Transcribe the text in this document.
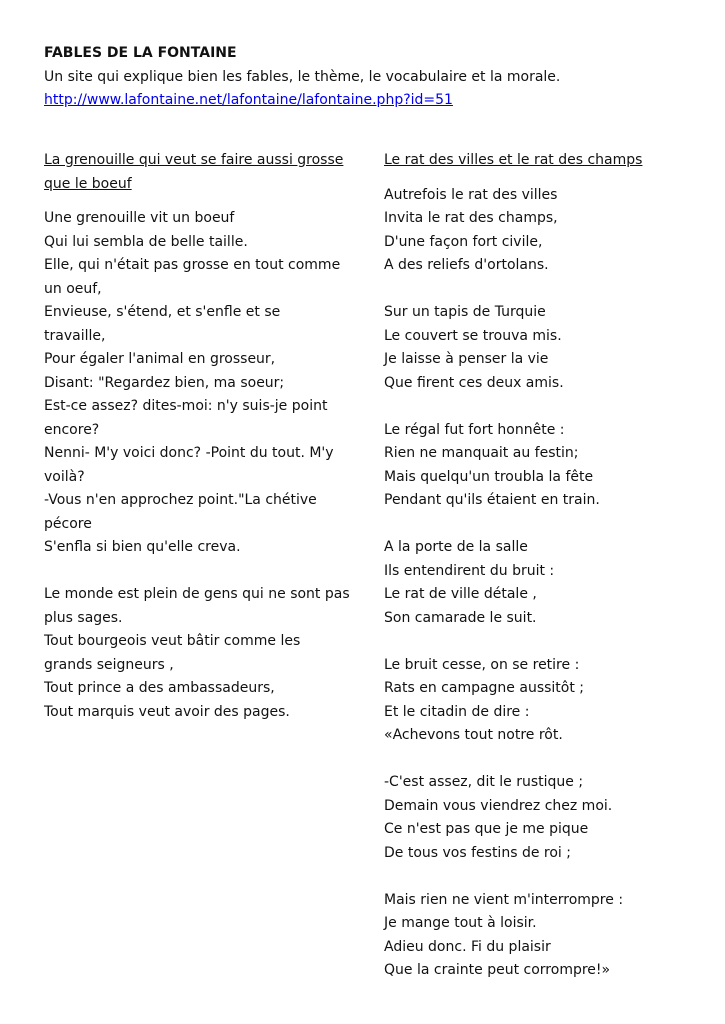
FABLES DE LA FONTAINE
Un site qui explique bien les fables, le thème, le vocabulaire et la morale.
http://www.lafontaine.net/lafontaine/lafontaine.php?id=51
La grenouille qui veut se faire aussi grosse
que le boeuf
Une grenouille vit un boeuf
Qui lui sembla de belle taille.
Elle, qui n'était pas grosse en tout comme
un oeuf,
Envieuse, s'étend, et s'enfle et se
travaille,
Pour égaler l'animal en grosseur,
Disant: "Regardez bien, ma soeur;
Est-ce assez? dites-moi: n'y suis-je point
encore?
Nenni- M'y voici donc? -Point du tout. M'y
voilà?
-Vous n'en approchez point."La chétive
pécore
S'enfla si bien qu'elle creva.
Le monde est plein de gens qui ne sont pas
plus sages.
Tout bourgeois veut bâtir comme les
grands seigneurs ,
Tout prince a des ambassadeurs,
Tout marquis veut avoir des pages.
Le rat des villes et le rat des champs
Autrefois le rat des villes
Invita le rat des champs,
D'une façon fort civile,
A des reliefs d'ortolans.
Sur un tapis de Turquie
Le couvert se trouva mis.
Je laisse à penser la vie
Que firent ces deux amis.
Le régal fut fort honnête :
Rien ne manquait au festin;
Mais quelqu'un troubla la fête
Pendant qu'ils étaient en train.
A la porte de la salle
Ils entendirent du bruit :
Le rat de ville détale ,
Son camarade le suit.
Le bruit cesse, on se retire :
Rats en campagne aussitôt ;
Et le citadin de dire :
«Achevons tout notre rôt.
-C'est assez, dit le rustique ;
Demain vous viendrez chez moi.
Ce n'est pas que je me pique
De tous vos festins de roi ;
Mais rien ne vient m'interrompre :
Je mange tout à loisir.
Adieu donc. Fi du plaisir
Que la crainte peut corrompre!»
